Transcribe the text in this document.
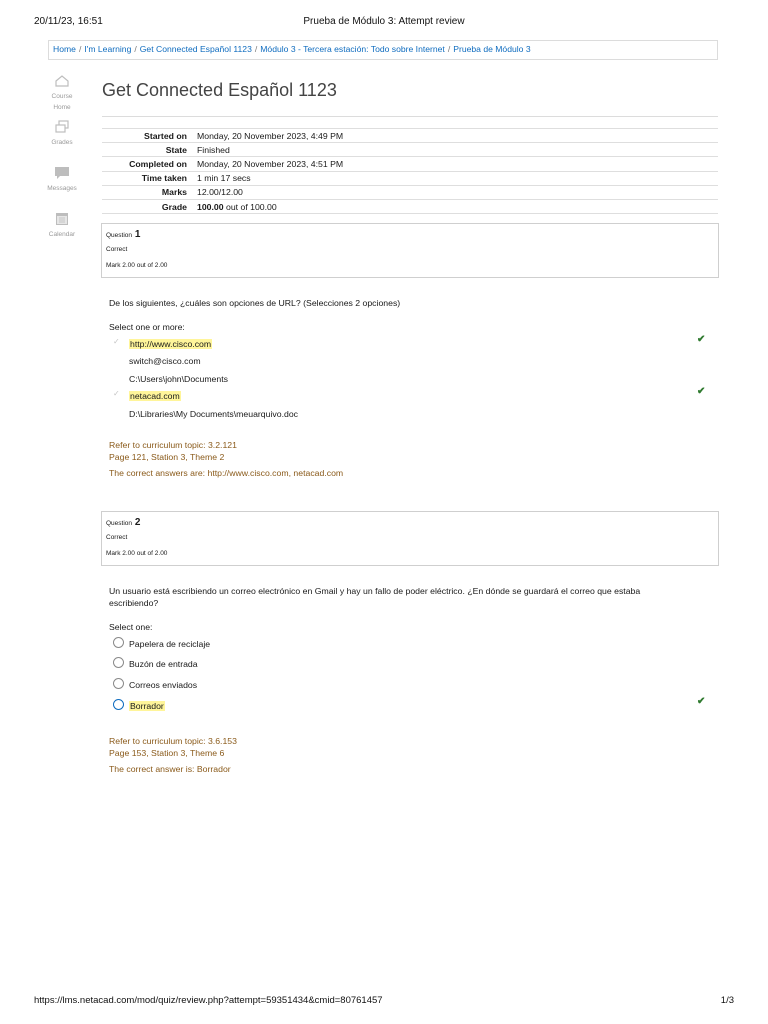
20/11/23, 16:51	Prueba de Módulo 3: Attempt review
Home / I'm Learning / Get Connected Español 1123 / Módulo 3 - Tercera estación: Todo sobre Internet / Prueba de Módulo 3
Course
Home
Grades
Messages
Calendar
Get Connected Español 1123
Started on	Monday, 20 November 2023, 4:49 PM
State	Finished
Completed on	Monday, 20 November 2023, 4:51 PM
Time taken	1 min 17 secs
Marks	12.00/12.00
Grade	100.00 out of 100.00
Question 1
Correct
Mark 2.00 out of 2.00
De los siguientes, ¿cuáles son opciones de URL? (Selecciones 2 opciones)
Select one or more:
✓ http://www.cisco.com	✔
switch@cisco.com
C:\Users\john\Documents
✓ netacad.com	✔
D:\Libraries\My Documents\meuarquivo.doc
Refer to curriculum topic: 3.2.121
Page 121, Station 3, Theme 2
The correct answers are: http://www.cisco.com, netacad.com
Question 2
Correct
Mark 2.00 out of 2.00
Un usuario está escribiendo un correo electrónico en Gmail y hay un fallo de poder eléctrico. ¿En dónde se guardará el correo que estaba escribiendo?
Select one:
Papelera de reciclaje
Buzón de entrada
Correos enviados
Borrador	✔
Refer to curriculum topic: 3.6.153
Page 153, Station 3, Theme 6
The correct answer is: Borrador
https://lms.netacad.com/mod/quiz/review.php?attempt=59351434&cmid=80761457	1/3
